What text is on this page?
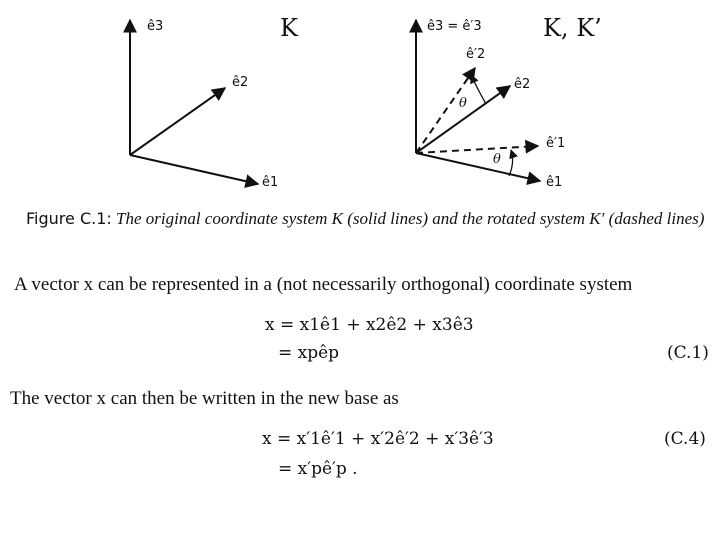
ê3	K
ê2
ê1
ê3 = ê′3	K, K’
ê′2
ê2
ê′1
ê1
θ
θ
Figure C.1: The original coordinate system K (solid lines) and the rotated system K′ (dashed lines)
A vector x can be represented in a (not necessarily orthogonal) coordinate system
x = x1ê1 + x2ê2 + x3ê3
= xpêp	(C.1)
The vector x can then be written in the new base as
x = x′1ê′1 + x′2ê′2 + x′3ê′3	(C.4)
= x′pê′p .
